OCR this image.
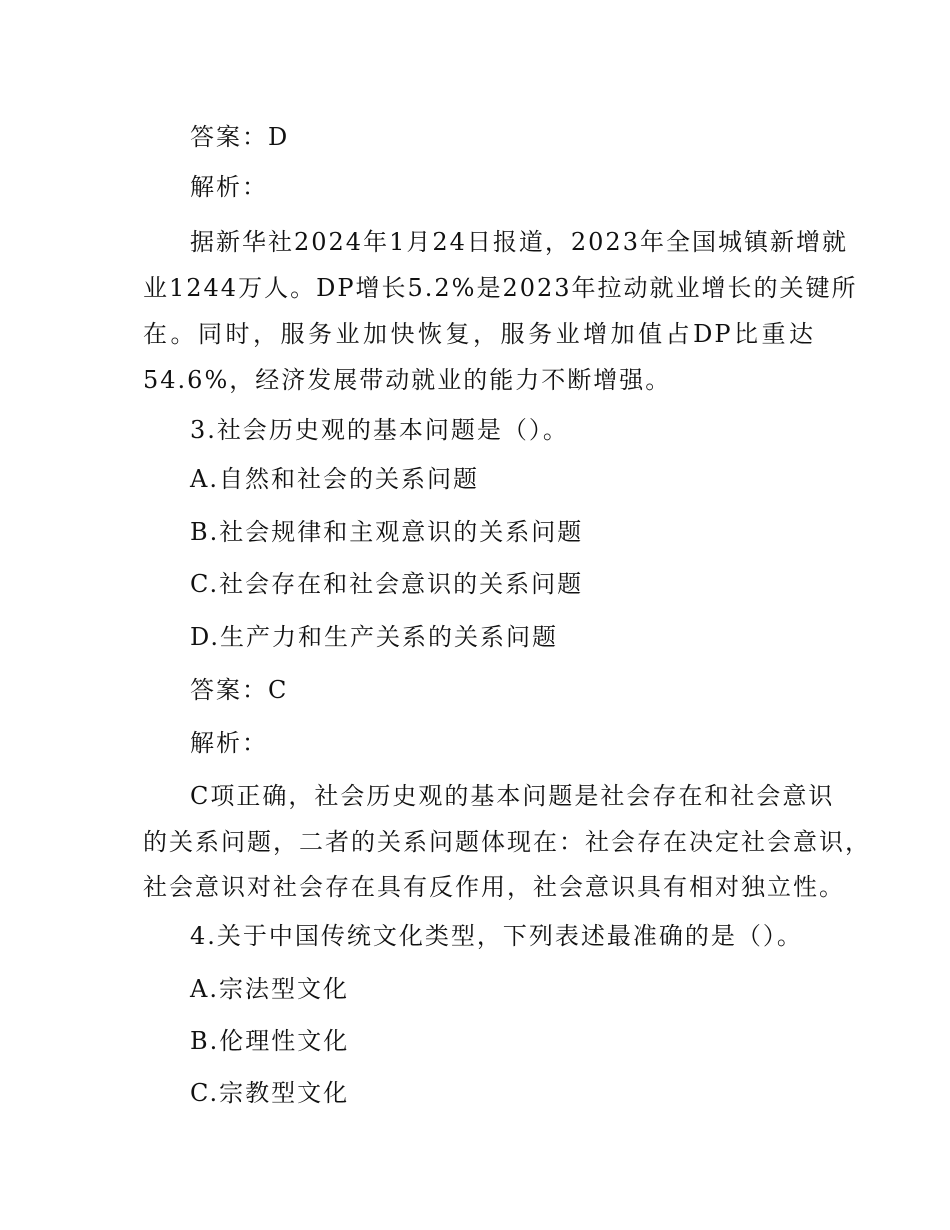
答案：D
解析：
据新华社2024年1月24日报道，2023年全国城镇新增就
业1244万人。DP增长5.2%是2023年拉动就业增长的关键所
在。同时，服务业加快恢复，服务业增加值占DP比重达
54.6%，经济发展带动就业的能力不断增强。
3.社会历史观的基本问题是（）。
A.自然和社会的关系问题
B.社会规律和主观意识的关系问题
C.社会存在和社会意识的关系问题
D.生产力和生产关系的关系问题
答案：C
解析：
C项正确，社会历史观的基本问题是社会存在和社会意识
的关系问题，二者的关系问题体现在：社会存在决定社会意识，
社会意识对社会存在具有反作用，社会意识具有相对独立性。
4.关于中国传统文化类型，下列表述最准确的是（）。
A.宗法型文化
B.伦理性文化
C.宗教型文化
